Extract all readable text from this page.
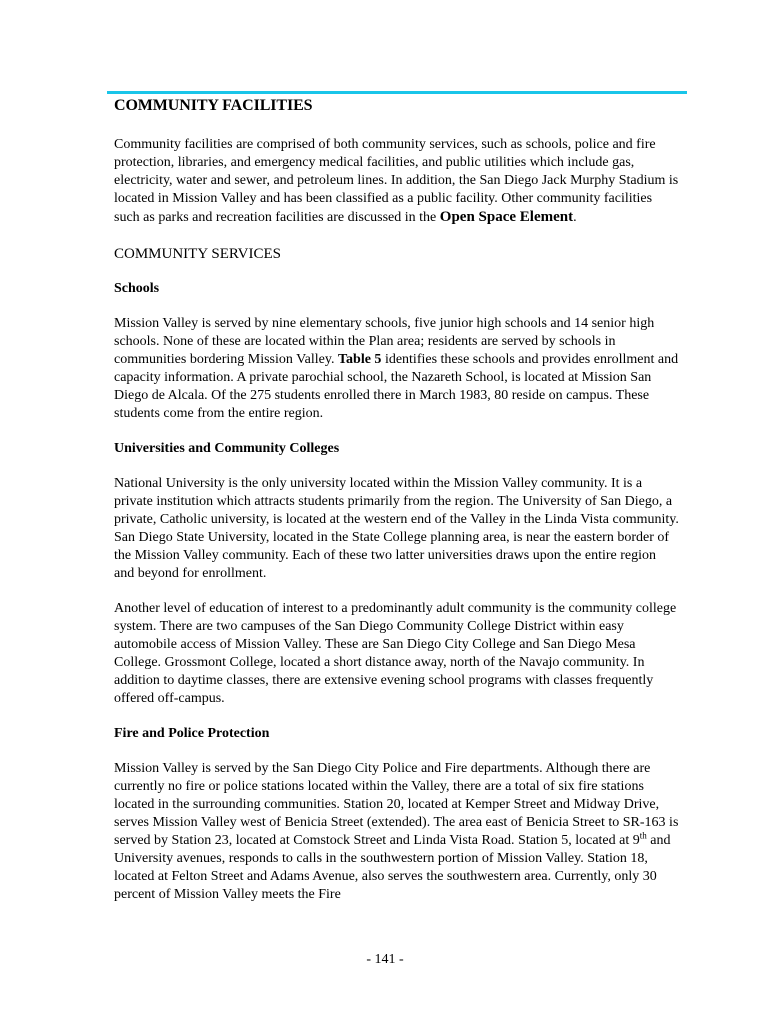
COMMUNITY FACILITIES

Community facilities are comprised of both community services, such as schools, police and fire protection, libraries, and emergency medical facilities, and public utilities which include gas, electricity, water and sewer, and petroleum lines. In addition, the San Diego Jack Murphy Stadium is located in Mission Valley and has been classified as a public facility. Other community facilities such as parks and recreation facilities are discussed in the Open Space Element.

COMMUNITY SERVICES
Schools

Mission Valley is served by nine elementary schools, five junior high schools and 14 senior high schools. None of these are located within the Plan area; residents are served by schools in communities bordering Mission Valley. Table 5 identifies these schools and provides enrollment and capacity information. A private parochial school, the Nazareth School, is located at Mission San Diego de Alcala. Of the 275 students enrolled there in March 1983, 80 reside on campus. These students come from the entire region.

Universities and Community Colleges

National University is the only university located within the Mission Valley community. It is a private institution which attracts students primarily from the region. The University of San Diego, a private, Catholic university, is located at the western end of the Valley in the Linda Vista community. San Diego State University, located in the State College planning area, is near the eastern border of the Mission Valley community. Each of these two latter universities draws upon the entire region and beyond for enrollment.

Another level of education of interest to a predominantly adult community is the community college system. There are two campuses of the San Diego Community College District within easy automobile access of Mission Valley. These are San Diego City College and San Diego Mesa College. Grossmont College, located a short distance away, north of the Navajo community. In addition to daytime classes, there are extensive evening school programs with classes frequently offered off-campus.

Fire and Police Protection

Mission Valley is served by the San Diego City Police and Fire departments. Although there are currently no fire or police stations located within the Valley, there are a total of six fire stations located in the surrounding communities. Station 20, located at Kemper Street and Midway Drive, serves Mission Valley west of Benicia Street (extended). The area east of Benicia Street to SR-163 is served by Station 23, located at Comstock Street and Linda Vista Road. Station 5, located at 9th and University avenues, responds to calls in the southwestern portion of Mission Valley. Station 18, located at Felton Street and Adams Avenue, also serves the southwestern area. Currently, only 30 percent of Mission Valley meets the Fire

- 141 -
